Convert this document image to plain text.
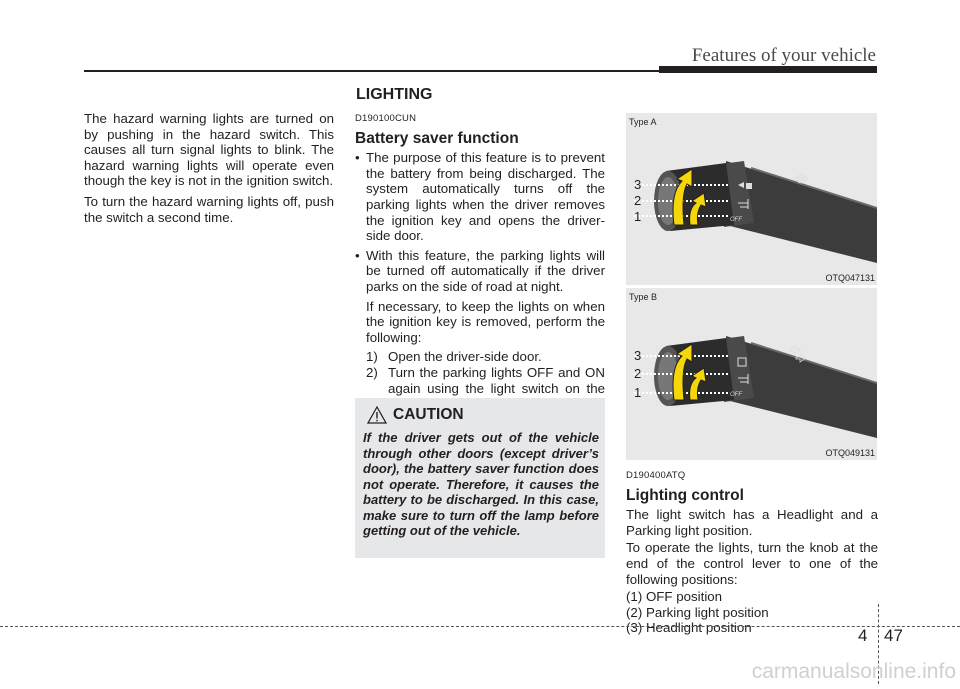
Features of your vehicle
LIGHTING

The hazard warning lights are turned on by pushing in the hazard switch. This causes all turn signal lights to blink. The hazard warning lights will operate even though the key is not in the ignition switch.

To turn the hazard warning lights off, push the switch a second time.

D190100CUN
Battery saver function
• The purpose of this feature is to prevent the battery from being discharged. The system automatically turns off the parking lights when the driver removes the ignition key and opens the driver-side door.
• With this feature, the parking lights will be turned off automatically if the driver parks on the side of road at night.
If necessary, to keep the lights on when the ignition key is removed, perform the following:
1) Open the driver-side door.
2) Turn the parking lights OFF and ON again using the light switch on the
CAUTION
If the driver gets out of the vehicle through other doors (except driver’s door), the battery saver function does not operate. Therefore, it causes the battery to be discharged. In this case, make sure to turn off the lamp before getting out of the vehicle.
Type A
OFF
3
2
1
OTQ047131
Type B
OFF
3
2
1
OTQ049131
D190400ATQ
Lighting control

The light switch has a Headlight and a Parking light position.

To operate the lights, turn the knob at the end of the control lever to one of the following positions:

(1) OFF position
(2) Parking light position
(3) Headlight position	4 47
carmanualsonline.info
